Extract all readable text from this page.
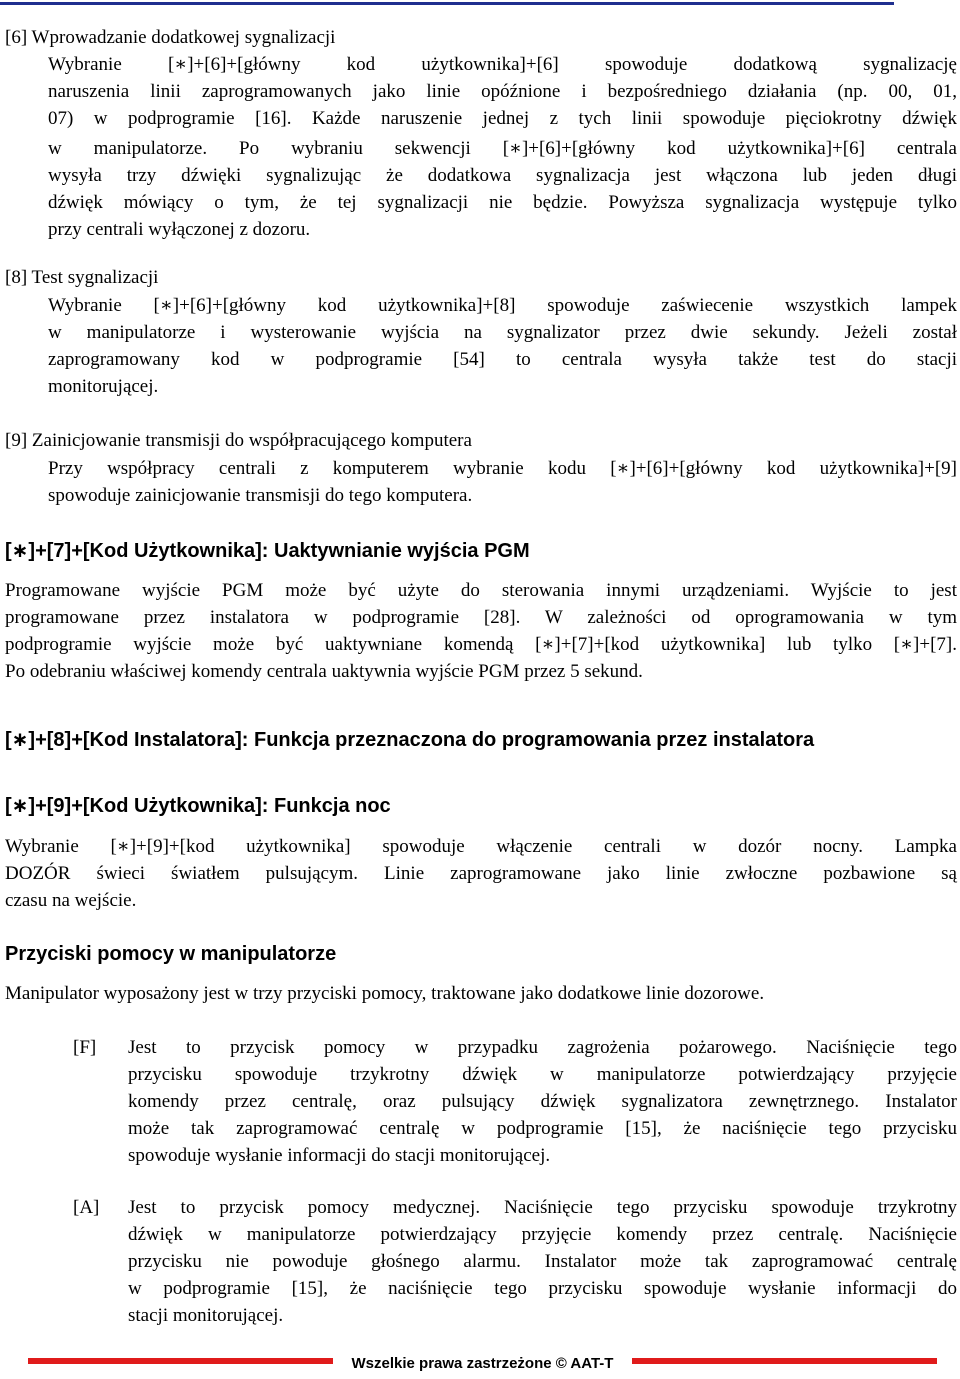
[6] Wprowadzanie dodatkowej sygnalizacji
Wybranie [∗]+[6]+[główny kod użytkownika]+[6] spowoduje dodatkową sygnalizację
naruszenia linii zaprogramowanych jako linie opóźnione i bezpośredniego działania (np. 00, 01,
07) w podprogramie [16]. Każde naruszenie jednej z tych linii spowoduje pięciokrotny dźwięk
w manipulatorze. Po wybraniu sekwencji [∗]+[6]+[główny kod użytkownika]+[6] centrala
wysyła trzy dźwięki sygnalizując że dodatkowa sygnalizacja jest włączona lub jeden długi
dźwięk mówiący o tym, że tej sygnalizacji nie będzie. Powyższa sygnalizacja występuje tylko
przy centrali wyłączonej z dozoru.
[8] Test sygnalizacji
Wybranie [∗]+[6]+[główny kod użytkownika]+[8] spowoduje zaświecenie wszystkich lampek
w manipulatorze i wysterowanie wyjścia na sygnalizator przez dwie sekundy. Jeżeli został
zaprogramowany kod w podprogramie [54] to centrala wysyła także test do stacji
monitorującej.
[9] Zainicjowanie transmisji do współpracującego komputera
Przy współpracy centrali z komputerem wybranie kodu [∗]+[6]+[główny kod użytkownika]+[9]
spowoduje zainicjowanie transmisji do tego komputera.
[∗]+[7]+[Kod Użytkownika]: Uaktywnianie wyjścia PGM
Programowane wyjście PGM może być użyte do sterowania innymi urządzeniami. Wyjście to jest
programowane przez instalatora w podprogramie [28]. W zależności od oprogramowania w tym
podprogramie wyjście może być uaktywniane komendą [∗]+[7]+[kod użytkownika] lub tylko [∗]+[7].
Po odebraniu właściwej komendy centrala uaktywnia wyjście PGM przez 5 sekund.
[∗]+[8]+[Kod Instalatora]: Funkcja przeznaczona do programowania przez instalatora
[∗]+[9]+[Kod Użytkownika]: Funkcja noc
Wybranie [∗]+[9]+[kod użytkownika] spowoduje włączenie centrali w dozór nocny. Lampka
DOZÓR świeci światłem pulsującym. Linie zaprogramowane jako linie zwłoczne pozbawione są
czasu na wejście.
Przyciski pomocy w manipulatorze
Manipulator wyposażony jest w trzy przyciski pomocy, traktowane jako dodatkowe linie dozorowe.
[F] Jest to przycisk pomocy w przypadku zagrożenia pożarowego. Naciśnięcie tego
przycisku spowoduje trzykrotny dźwięk w manipulatorze potwierdzający przyjęcie
komendy przez centralę, oraz pulsujący dźwięk sygnalizatora zewnętrznego. Instalator
może tak zaprogramować centralę w podprogramie [15], że naciśnięcie tego przycisku
spowoduje wysłanie informacji do stacji monitorującej.
[A] Jest to przycisk pomocy medycznej. Naciśnięcie tego przycisku spowoduje trzykrotny
dźwięk w manipulatorze potwierdzający przyjęcie komendy przez centralę. Naciśnięcie
przycisku nie powoduje głośnego alarmu. Instalator może tak zaprogramować centralę
w podprogramie [15], że naciśnięcie tego przycisku spowoduje wysłanie informacji do
stacji monitorującej.
Wszelkie prawa zastrzeżone © AAT-T
